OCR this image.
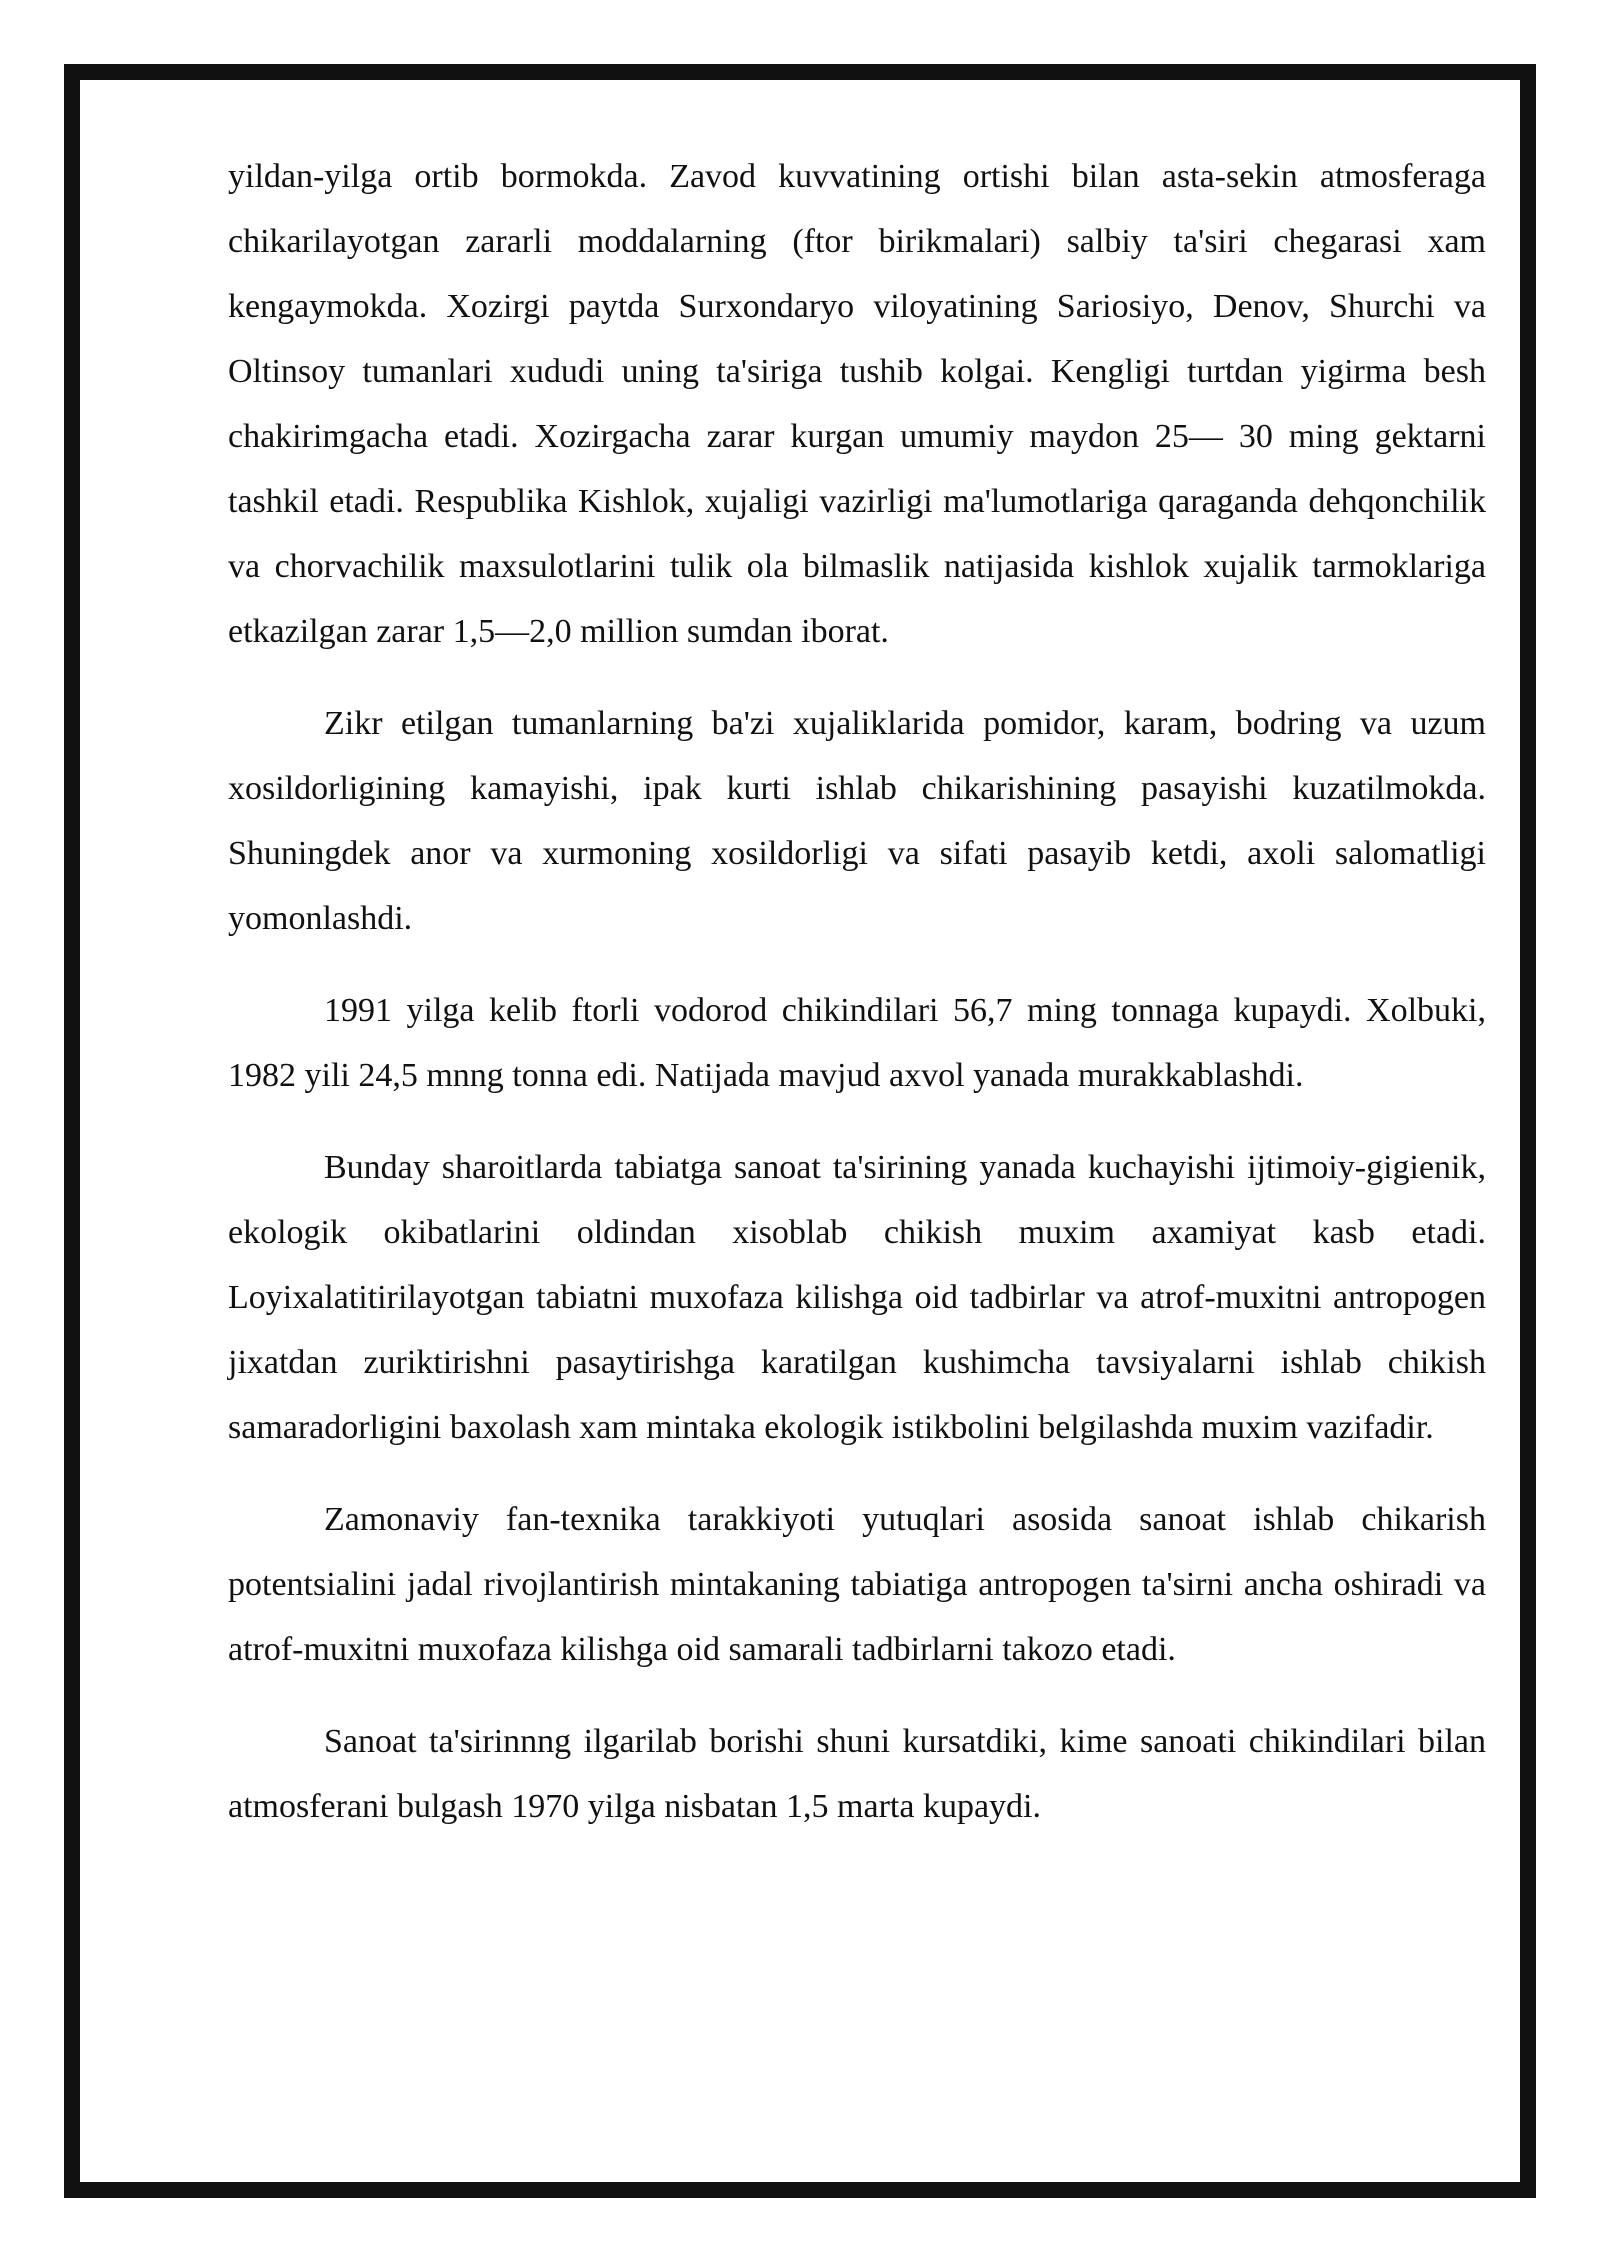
yildan-yilga ortib bormokda. Zavod kuvvatining ortishi bilan asta-sekin atmosferaga chikarilayotgan zararli moddalarning (ftor birikmalari) salbiy ta'siri chegarasi xam kengaymokda. Xozirgi paytda Surxondaryo viloyatining Sariosiyo, Denov, Shurchi va Oltinsoy tumanlari xududi uning ta'siriga tushib kolgai. Kengligi turtdan yigirma besh chakirimgacha etadi. Xozirgacha zarar kurgan umumiy maydon 25— 30 ming gektarni tashkil etadi. Respublika Kishlok, xujaligi vazirligi ma'lumotlariga qaraganda dehqonchilik va chorvachilik maxsulotlarini tulik ola bilmaslik natijasida kishlok xujalik tarmoklariga etkazilgan zarar 1,5—2,0 million sumdan iborat.

Zikr etilgan tumanlarning ba'zi xujaliklarida pomidor, karam, bodring va uzum xosildorligining kamayishi, ipak kurti ishlab chikarishining pasayishi kuzatilmokda. Shuningdek anor va xurmoning xosildorligi va sifati pasayib ketdi, axoli salomatligi yomonlashdi.

1991 yilga kelib ftorli vodorod chikindilari 56,7 ming tonnaga kupaydi. Xolbuki, 1982 yili 24,5 mnng tonna edi. Natijada mavjud axvol yanada murakkablashdi.

Bunday sharoitlarda tabiatga sanoat ta'sirining yanada kuchayishi ijtimoiy-gigienik, ekologik okibatlarini oldindan xisoblab chikish muxim axamiyat kasb etadi. Loyixalatitirilayotgan tabiatni muxofaza kilishga oid tadbirlar va atrof-muxitni antropogen jixatdan zuriktirishni pasaytirishga karatilgan kushimcha tavsiyalarni ishlab chikish samaradorligini baxolash xam mintaka ekologik istikbolini belgilashda muxim vazifadir.

Zamonaviy fan-texnika tarakkiyoti yutuqlari asosida sanoat ishlab chikarish potentsialini jadal rivojlantirish mintakaning tabiatiga antropogen ta'sirni ancha oshiradi va atrof-muxitni muxofaza kilishga oid samarali tadbirlarni takozo etadi.

Sanoat ta'sirinnng ilgarilab borishi shuni kursatdiki, kime sanoati chikindilari bilan atmosferani bulgash 1970 yilga nisbatan 1,5 marta kupaydi.
